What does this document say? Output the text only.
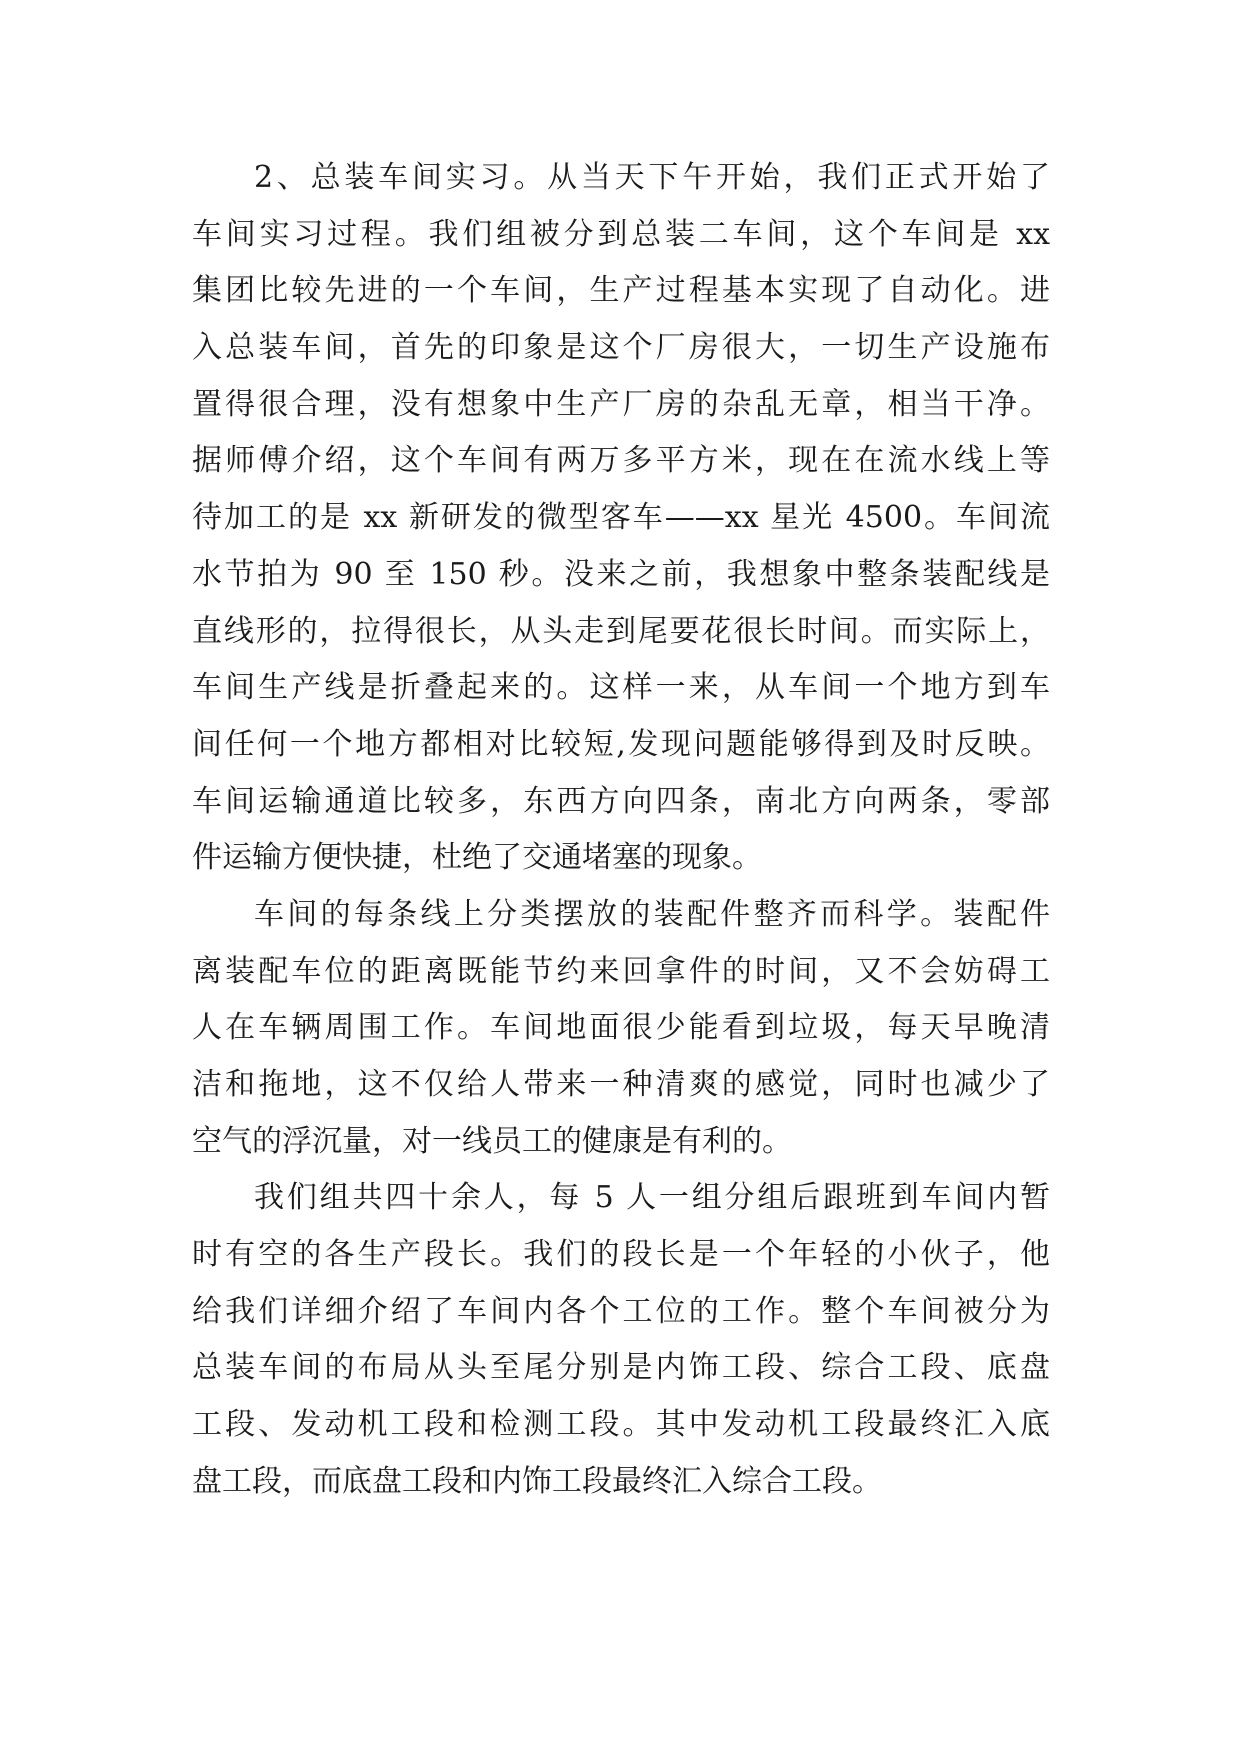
2、总装车间实习。从当天下午开始，我们正式开始了
车间实习过程。我们组被分到总装二车间，这个车间是 xx
集团比较先进的一个车间，生产过程基本实现了自动化。进
入总装车间，首先的印象是这个厂房很大，一切生产设施布
置得很合理，没有想象中生产厂房的杂乱无章，相当干净。
据师傅介绍，这个车间有两万多平方米，现在在流水线上等
待加工的是 xx 新研发的微型客车——xx 星光 4500。车间流
水节拍为 90 至 150 秒。没来之前，我想象中整条装配线是
直线形的，拉得很长，从头走到尾要花很长时间。而实际上，
车间生产线是折叠起来的。这样一来，从车间一个地方到车
间任何一个地方都相对比较短,发现问题能够得到及时反映。
车间运输通道比较多，东西方向四条，南北方向两条，零部
件运输方便快捷，杜绝了交通堵塞的现象。
车间的每条线上分类摆放的装配件整齐而科学。装配件
离装配车位的距离既能节约来回拿件的时间，又不会妨碍工
人在车辆周围工作。车间地面很少能看到垃圾，每天早晚清
洁和拖地，这不仅给人带来一种清爽的感觉，同时也减少了
空气的浮沉量，对一线员工的健康是有利的。
我们组共四十余人，每 5 人一组分组后跟班到车间内暂
时有空的各生产段长。我们的段长是一个年轻的小伙子，他
给我们详细介绍了车间内各个工位的工作。整个车间被分为
总装车间的布局从头至尾分别是内饰工段、综合工段、底盘
工段、发动机工段和检测工段。其中发动机工段最终汇入底
盘工段，而底盘工段和内饰工段最终汇入综合工段。
